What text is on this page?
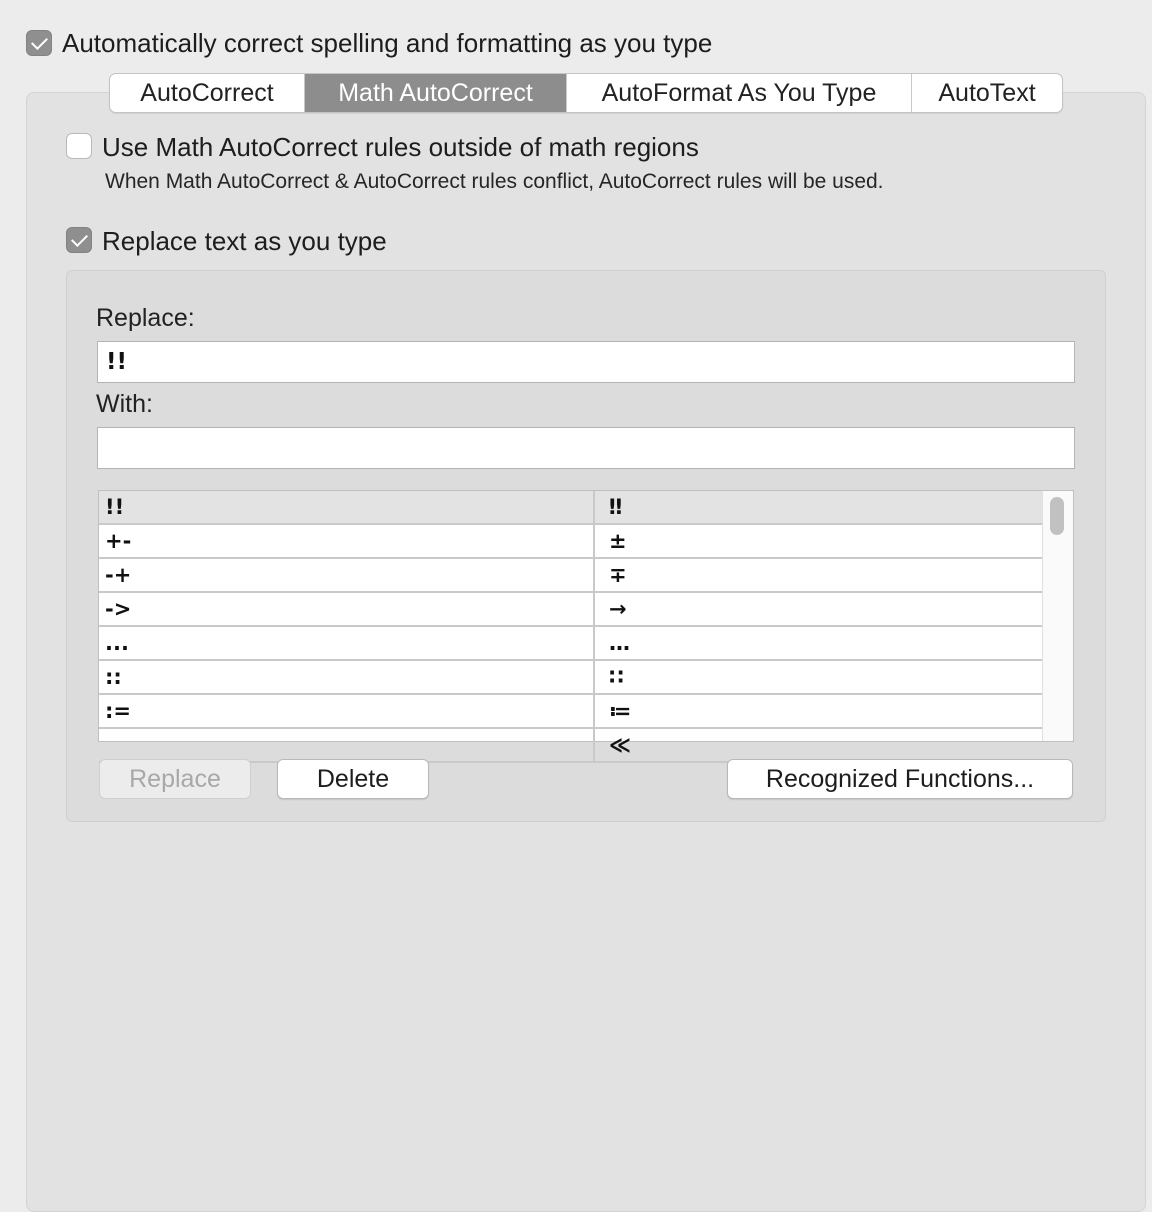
Automatically correct spelling and formatting as you type
AutoCorrect	Math AutoCorrect	AutoFormat As You Type	AutoText
Use Math AutoCorrect rules outside of math regions
When Math AutoCorrect & AutoCorrect rules conflict, AutoCorrect rules will be used.
Replace text as you type
Replace:
!!
With:
!!	‼
+-	±
-+	∓
->	→
...	…
::	∷
:=	≔
≪
Replace	Delete	Recognized Functions...
